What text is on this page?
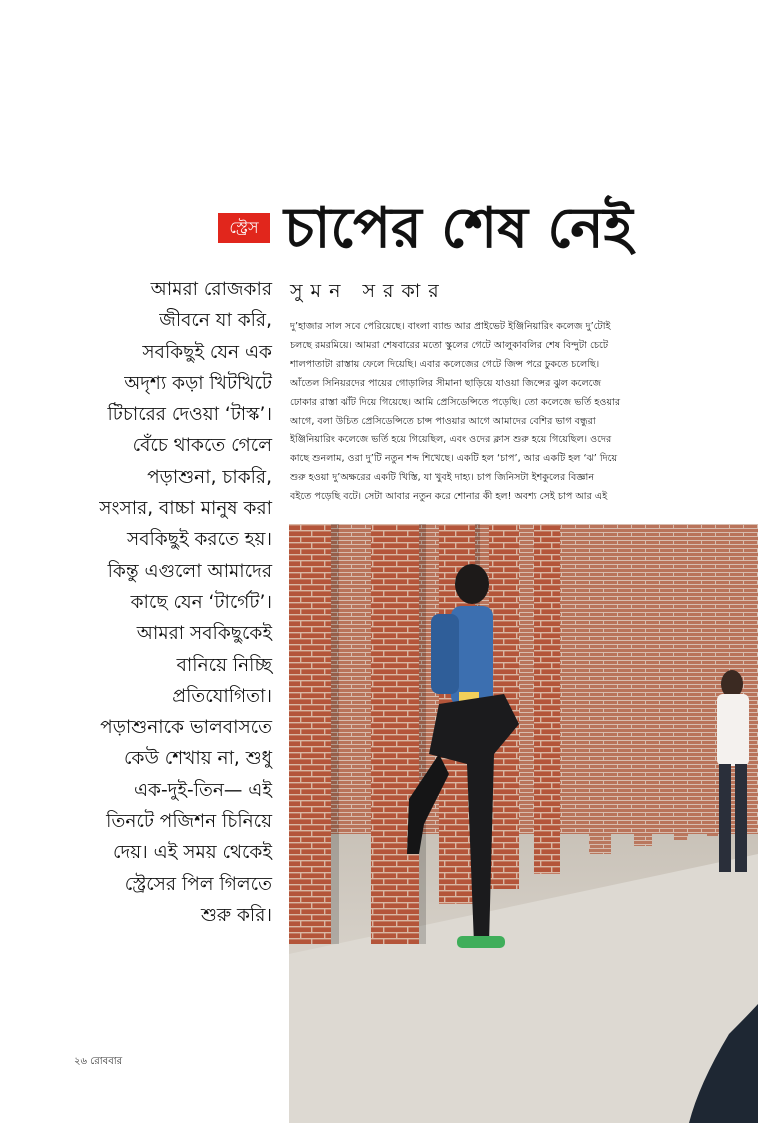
স্ট্রেস চাপের শেষ নেই
সুমন সরকার
আমরা রোজকার
জীবনে যা করি,
সবকিছুই যেন এক
অদৃশ্য কড়া খিটখিটে
টিচারের দেওয়া ‘টাস্ক’।
বেঁচে থাকতে গেলে
পড়াশুনা, চাকরি,
সংসার, বাচ্চা মানুষ করা
সবকিছুই করতে হয়।
কিন্তু এগুলো আমাদের
কাছে যেন ‘টার্গেট’।
আমরা সবকিছুকেই
বানিয়ে নিচ্ছি
প্রতিযোগিতা।
পড়াশুনাকে ভালবাসতে
কেউ শেখায় না, শুধু
এক-দুই-তিন— এই
তিনটে পজিশন চিনিয়ে
দেয়। এই সময় থেকেই
স্ট্রেসের পিল গিলতে
শুরু করি।
দু’হাজার সাল সবে পেরিয়েছে। বাংলা ব্যান্ড আর প্রাইভেট ইঞ্জিনিয়ারিং কলেজ দু’টোই
চলছে রমরমিয়ে। আমরা শেষবারের মতো স্কুলের গেটে আলুকাবলির শেষ বিন্দুটা চেটে
শালপাতাটা রাস্তায় ফেলে দিয়েছি। এবার কলেজের গেটে জিন্স পরে ঢুকতে চলেছি।
আঁতেল সিনিয়রদের পায়ের গোড়ালির সীমানা ছাড়িয়ে যাওয়া জিন্সের ঝুল কলেজে
ঢোকার রাস্তা ঝাঁট দিয়ে গিয়েছে। আমি প্রেসিডেন্সিতে পড়েছি। তো কলেজে ভর্তি হওয়ার
আগে, বলা উচিত প্রেসিডেন্সিতে চান্স পাওয়ার আগে আমাদের বেশির ভাগ বন্ধুরা
ইঞ্জিনিয়ারিং কলেজে ভর্তি হয়ে গিয়েছিল, এবং ওদের ক্লাস শুরু হয়ে গিয়েছিল। ওদের
কাছে শুনলাম, ওরা দু’টি নতুন শব্দ শিখেছে। একটি হল ‘চাপ’, আর একটি হল ‘ঝ’ দিয়ে
শুরু হওয়া দু’অক্ষরের একটি খিস্তি, যা খুবই দাহ্য। চাপ জিনিসটা ইশকুলের বিজ্ঞান
বইতে পড়েছি বটে। সেটা আবার নতুন করে শোনার কী হল! অবশ্য সেই চাপ আর এই
২৬ রোববার
